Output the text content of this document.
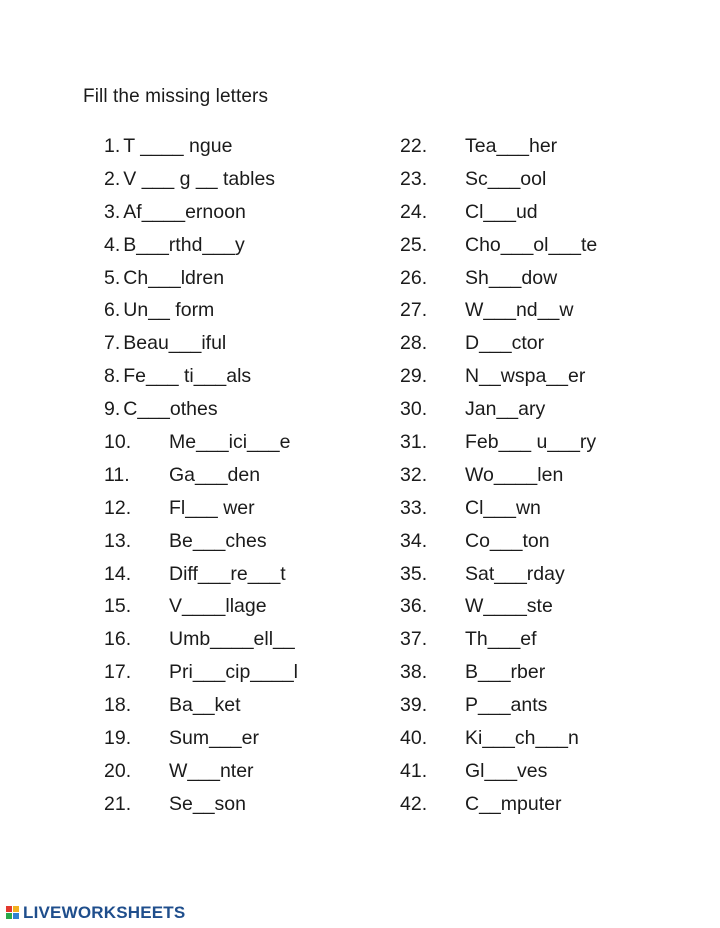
Fill the missing letters
1. T ____ ngue
2. V ___ g __ tables
3. Af____ernoon
4. B___rthd___y
5. Ch___ldren
6. Un__ form
7. Beau___iful
8. Fe___ ti___als
9. C___othes
10. Me___ici___e
11. Ga___den
12. Fl___ wer
13. Be___ches
14. Diff___re___t
15. V____llage
16. Umb____ell__
17. Pri___cip____l
18. Ba__ket
19. Sum___er
20. W___nter
21. Se__son
22. Tea___her
23. Sc___ool
24. Cl___ud
25. Cho___ol___te
26. Sh___dow
27. W___nd__w
28. D___ctor
29. N__wspa__er
30. Jan__ary
31. Feb___ u___ry
32. Wo____len
33. Cl___wn
34. Co___ton
35. Sat___rday
36. W____ste
37. Th___ef
38. B___rber
39. P___ants
40. Ki___ch___n
41. Gl___ves
42. C__mputer
LIVEWORKSHEETS
